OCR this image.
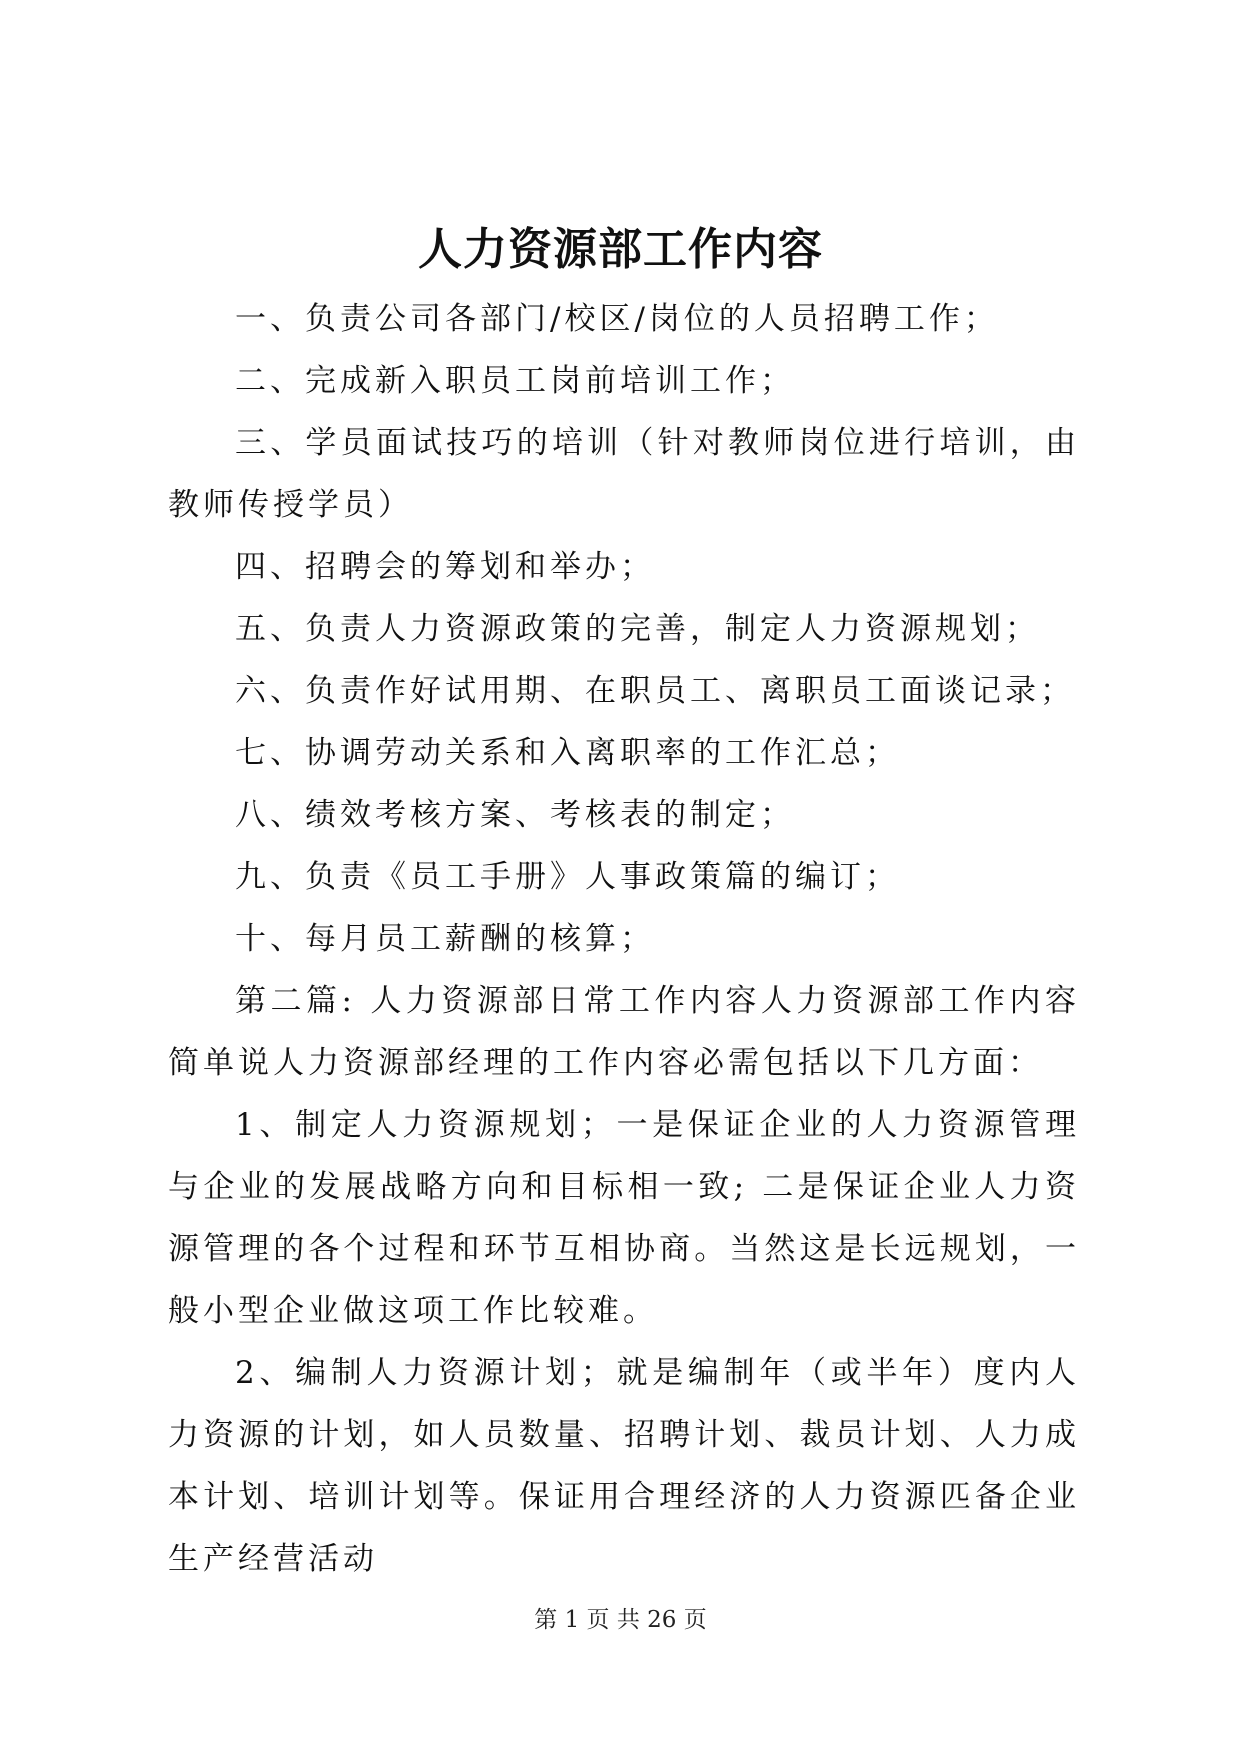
人力资源部工作内容

一、负责公司各部门/校区/岗位的人员招聘工作；

二、完成新入职员工岗前培训工作；

三、学员面试技巧的培训（针对教师岗位进行培训，由教师传授学员）

四、招聘会的筹划和举办；

五、负责人力资源政策的完善，制定人力资源规划；

六、负责作好试用期、在职员工、离职员工面谈记录；

七、协调劳动关系和入离职率的工作汇总；

八、绩效考核方案、考核表的制定；

九、负责《员工手册》人事政策篇的编订；

十、每月员工薪酬的核算；

第二篇: 人力资源部日常工作内容人力资源部工作内容简单说人力资源部经理的工作内容必需包括以下几方面：

1、制定人力资源规划；一是保证企业的人力资源管理与企业的发展战略方向和目标相一致; 二是保证企业人力资源管理的各个过程和环节互相协商。当然这是长远规划，一般小型企业做这项工作比较难。

2、编制人力资源计划；就是编制年（或半年）度内人力资源的计划，如人员数量、招聘计划、裁员计划、人力成本计划、培训计划等。保证用合理经济的人力资源匹备企业生产经营活动

第 1 页 共 26 页
